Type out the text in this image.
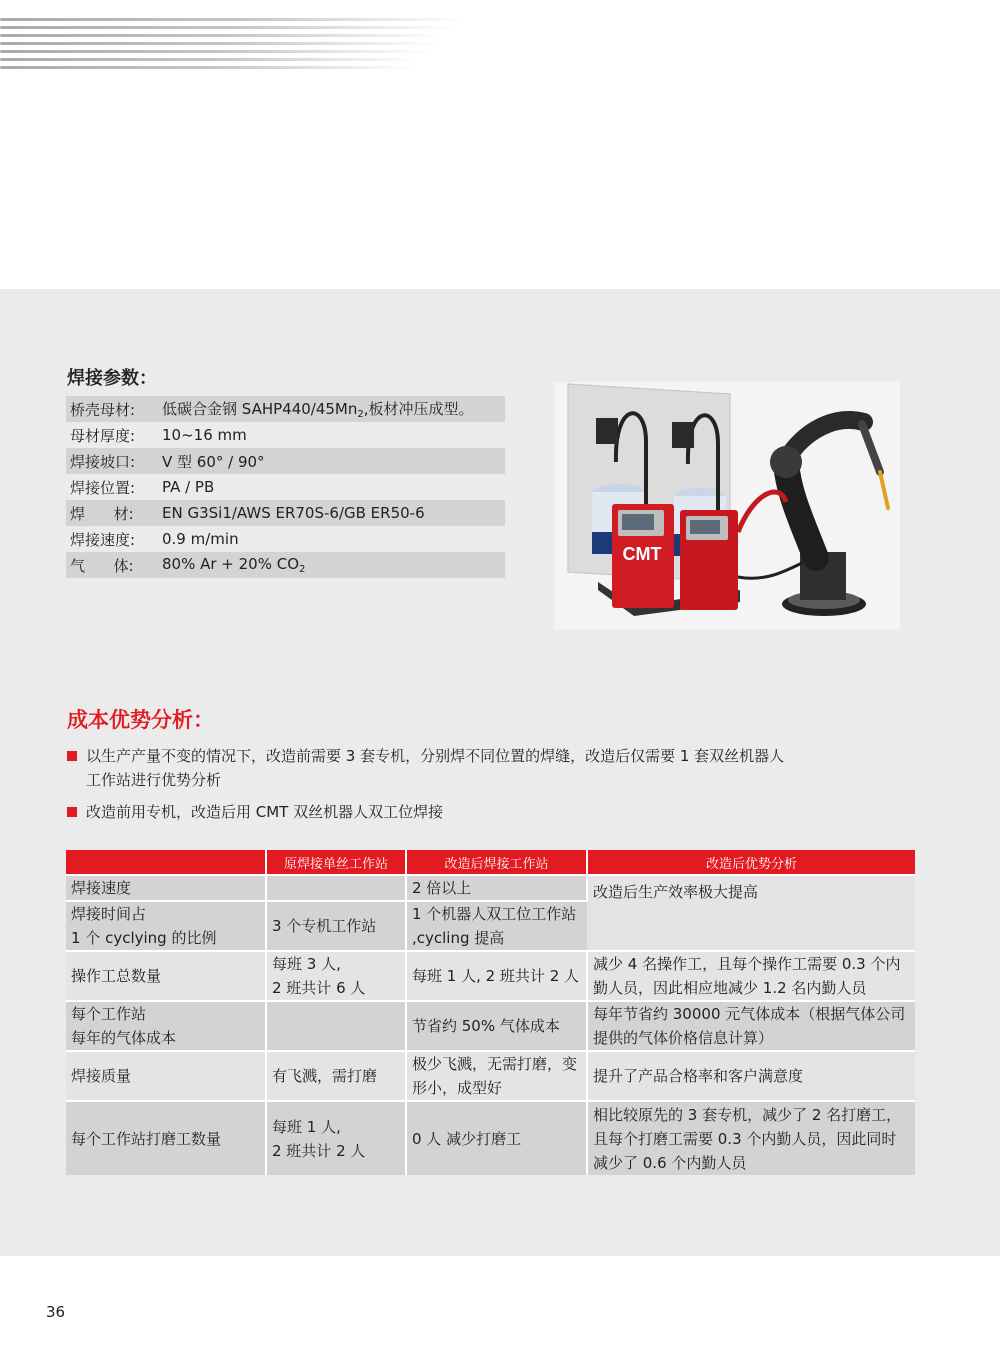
焊接参数：
桥壳母材:	低碳合金钢 $SAHP440/45Mn_2$,板材冲压成型。
母材厚度:	10~16 mm
焊接坡口:	V 型 60° / 90°
焊接位置:	PA / PB
焊      材:	EN G3Si1/AWS ER70S-6/GB ER50-6
焊接速度:	0.9 m/min
气      体:	80% Ar + 20% $CO_2$
CMT
成本优势分析：
以生产产量不变的情况下，改造前需要 3 套专机，分别焊不同位置的焊缝，改造后仅需要 1 套双丝机器人工作站进行优势分析
改造前用专机，改造后用 CMT 双丝机器人双工位焊接
	原焊接单丝工作站	改造后焊接工作站	改造后优势分析
焊接速度		2 倍以上	改造后生产效率极大提高
焊接时间占
1 个 cyclying 的比例	3 个专机工作站	1 个机器人双工位工作站 ,cycling 提高	
操作工总数量	每班 3 人,
2 班共计 6 人	每班 1 人, 2 班共计 2 人	减少 4 名操作工，且每个操作工需要 0.3 个内勤人员，因此相应地减少 1.2 名内勤人员
每个工作站
每年的气体成本		节省约 50% 气体成本	每年节省约 30000 元气体成本（根据气体公司提供的气体价格信息计算）
焊接质量	有飞溅，需打磨	极少飞溅，无需打磨，变形小，成型好	提升了产品合格率和客户满意度
每个工作站打磨工数量	每班 1 人,
2 班共计 2 人	0 人 减少打磨工	相比较原先的 3 套专机，减少了 2 名打磨工，且每个打磨工需要 0.3 个内勤人员，因此同时减少了 0.6 个内勤人员
36
